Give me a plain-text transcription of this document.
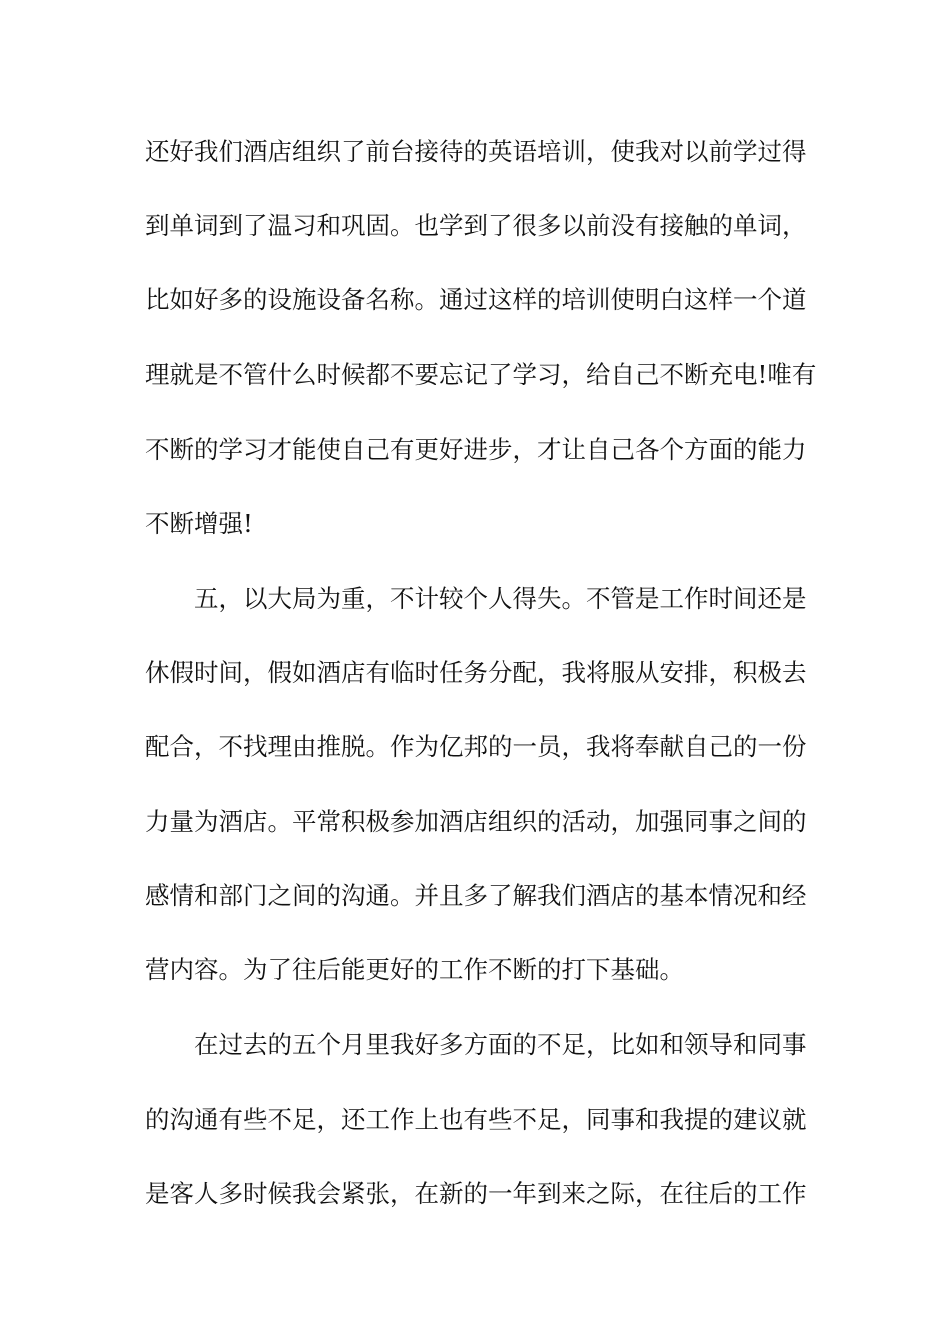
还好我们酒店组织了前台接待的英语培训，使我对以前学过得
到单词到了温习和巩固。也学到了很多以前没有接触的单词，
比如好多的设施设备名称。通过这样的培训使明白这样一个道
理就是不管什么时候都不要忘记了学习，给自己不断充电!唯有
不断的学习才能使自己有更好进步，才让自己各个方面的能力
不断增强!
五，以大局为重，不计较个人得失。不管是工作时间还是
休假时间，假如酒店有临时任务分配，我将服从安排，积极去
配合，不找理由推脱。作为亿邦的一员，我将奉献自己的一份
力量为酒店。平常积极参加酒店组织的活动，加强同事之间的
感情和部门之间的沟通。并且多了解我们酒店的基本情况和经
营内容。为了往后能更好的工作不断的打下基础。
在过去的五个月里我好多方面的不足，比如和领导和同事
的沟通有些不足，还工作上也有些不足，同事和我提的建议就
是客人多时候我会紧张，在新的一年到来之际，在往后的工作
